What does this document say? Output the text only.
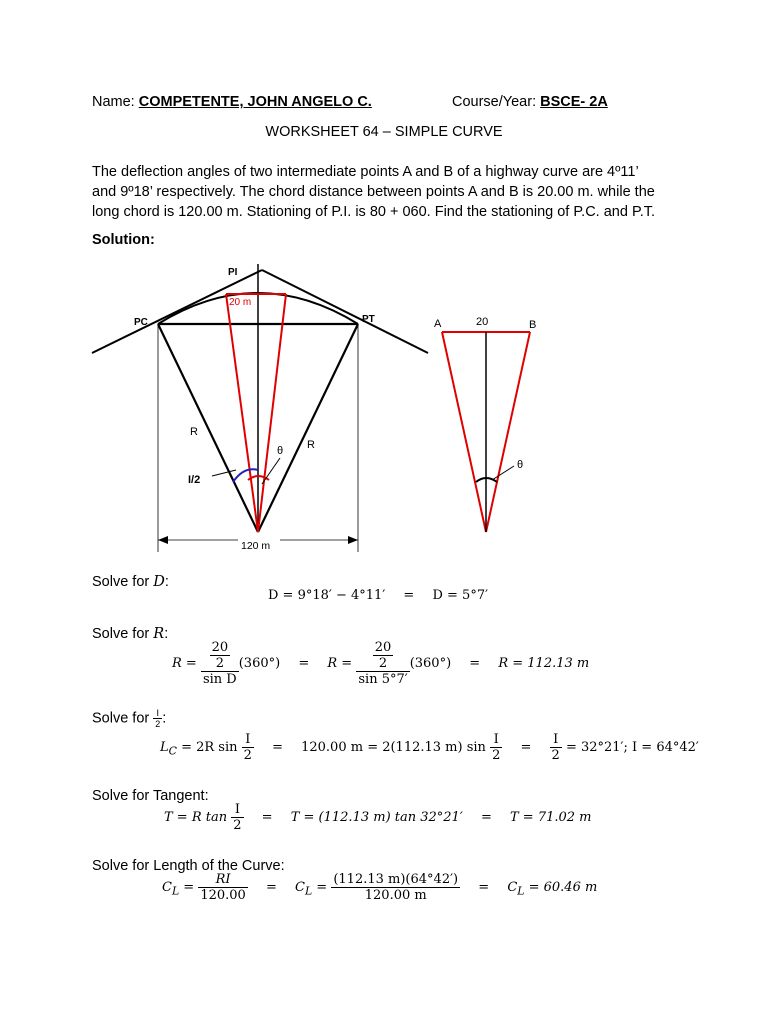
Name: COMPETENTE, JOHN ANGELO C.	Course/Year: BSCE- 2A
WORKSHEET 64 – SIMPLE CURVE
The deflection angles of two intermediate points A and B of a highway curve are 4º11’
and 9º18’ respectively. The chord distance between points A and B is 20.00 m. while the
long chord is 120.00 m. Stationing of P.I. is 80 + 060. Find the stationing of P.C. and P.T.
Solution:
PI
PC	PT
20 m
R
R
θ
I/2
120 m
A	20	B
θ
Solve for D:
D = 9°18′ − 4°11′ = D = 5°7′
Solve for R:
$R = \frac{\frac{20}{2}}{\text{sin D}} (360^\circ) = R = \frac{\frac{20}{2}}{\sin 5^\circ 7'} (360^\circ) = R = 112.13$ m
Solve for $\frac{I}{2}$ :
$L_C = 2R$ $\sin \frac{I}{2} = 120.00$ m = 2(112.13 m) $\sin \frac{I}{2} = \frac{I}{2} = 32^\circ 21'$; I = 64°42′
Solve for Tangent:
T = R $\tan \frac{I}{2} = T = (112.13$ m) tan 32°21′ = T = 71.02 m
Solve for Length of the Curve:
$C_L = \frac{RI}{120.00} = C_L = \frac{(112.13 m)(64^\circ 42')}{120.00 m} = C_L = 60.46$ m
